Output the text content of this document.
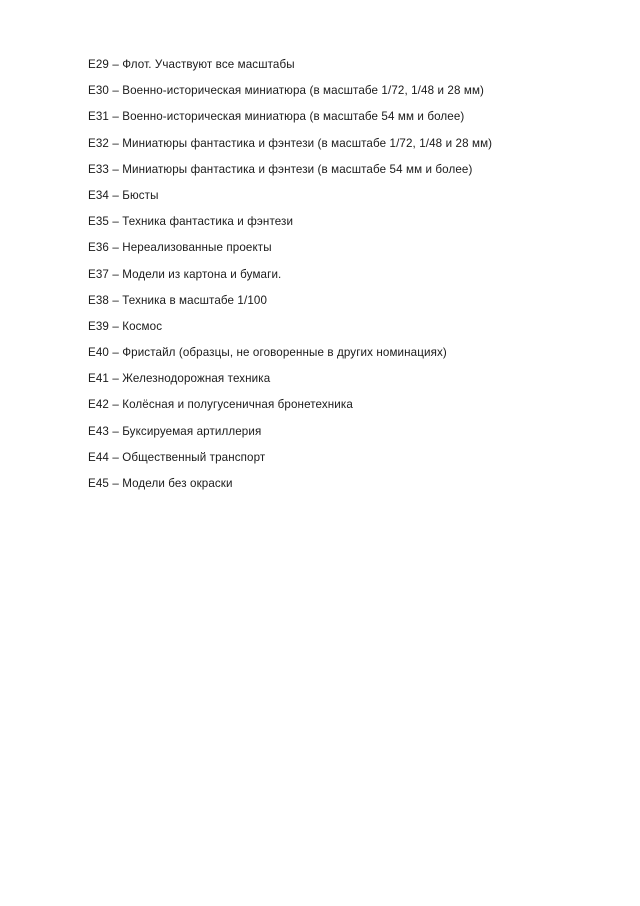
E29 – Флот. Участвуют все масштабы

E30 – Военно-историческая миниатюра (в масштабе 1/72, 1/48 и 28 мм)

E31 – Военно-историческая миниатюра (в масштабе 54 мм и более)

E32 – Миниатюры фантастика и фэнтези (в масштабе 1/72, 1/48 и 28 мм)

E33 – Миниатюры фантастика и фэнтези (в масштабе 54 мм и более)

E34 – Бюсты

E35 – Техника фантастика и фэнтези

E36 – Нереализованные проекты

E37 – Модели из картона и бумаги.

E38 – Техника в масштабе 1/100

E39 – Космос

E40 – Фристайл (образцы, не оговоренные в других номинациях)

E41 – Железнодорожная техника

E42 – Колёсная и полугусеничная бронетехника

E43 – Буксируемая артиллерия

E44 – Общественный транспорт

E45 – Модели без окраски
